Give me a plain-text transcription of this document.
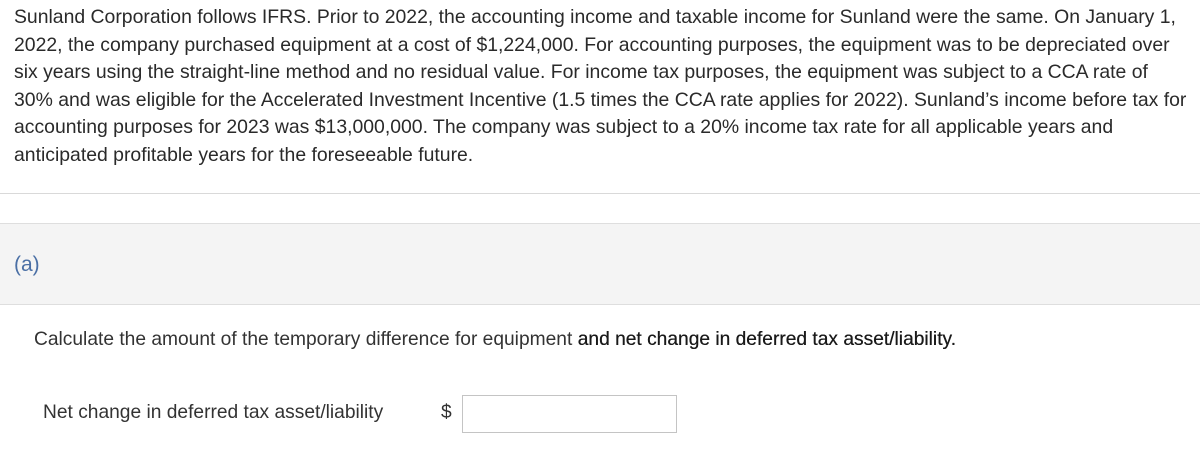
Sunland Corporation follows IFRS. Prior to 2022, the accounting income and taxable income for Sunland were the same. On January 1, 2022, the company purchased equipment at a cost of $1,224,000. For accounting purposes, the equipment was to be depreciated over six years using the straight-line method and no residual value. For income tax purposes, the equipment was subject to a CCA rate of 30% and was eligible for the Accelerated Investment Incentive (1.5 times the CCA rate applies for 2022). Sunland’s income before tax for accounting purposes for 2023 was $13,000,000. The company was subject to a 20% income tax rate for all applicable years and anticipated profitable years for the foreseeable future.

(a)
Calculate the amount of the temporary difference for equipment and net change in deferred tax asset/liability.
Net change in deferred tax asset/liability	$
